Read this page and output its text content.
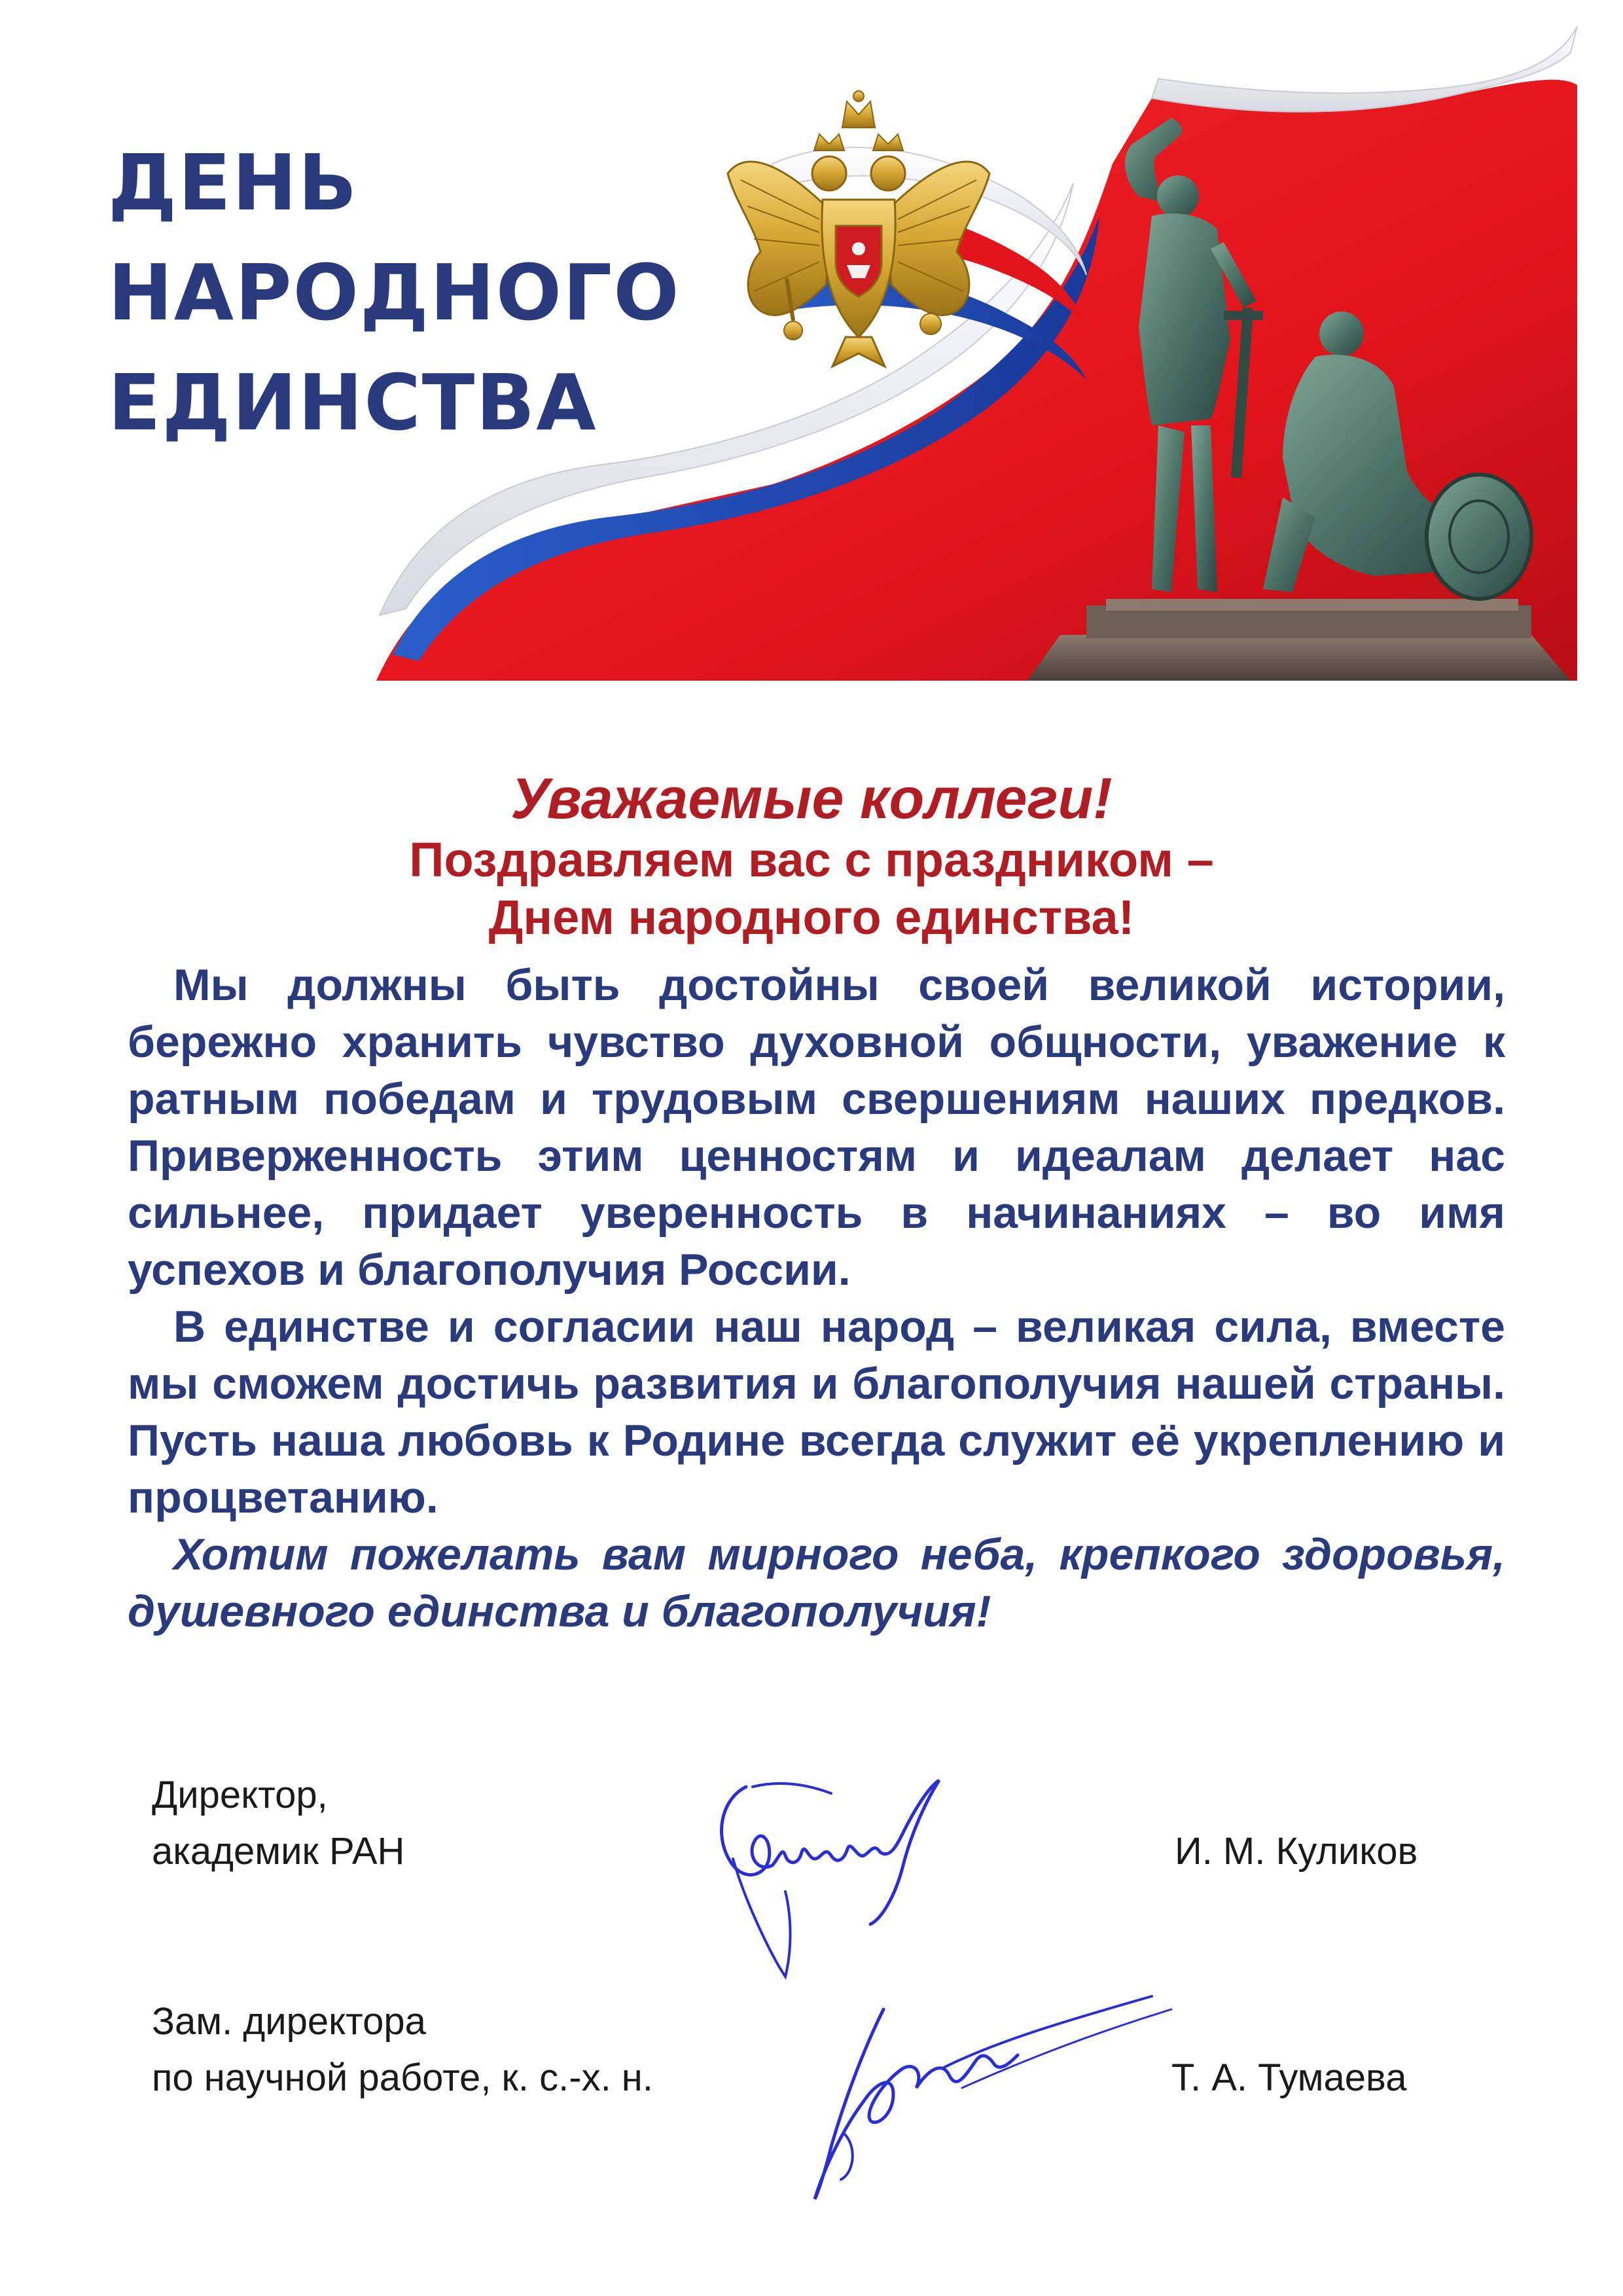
ДЕНЬ
НАРОДНОГО
ЕДИНСТВА
Уважаемые коллеги!
Поздравляем вас с праздником –
Днем народного единства!

Мы должны быть достойны своей великой истории, бережно хранить чувство духовной общности, уважение к ратным победам и трудовым свершениям наших предков. Приверженность этим ценностям и идеалам делает нас сильнее, придает уверенность в начинаниях – во имя успехов и благополучия России.

В единстве и согласии наш народ – великая сила, вместе мы сможем достичь развития и благополучия нашей страны. Пусть наша любовь к Родине всегда служит её укреплению и процветанию.

Хотим пожелать вам мирного неба, крепкого здоровья, душевного единства и благополучия!

Директор,
академик РАН	И. М. Куликов
Зам. директора
по научной работе, к. с.-х. н.	Т. А. Тумаева
